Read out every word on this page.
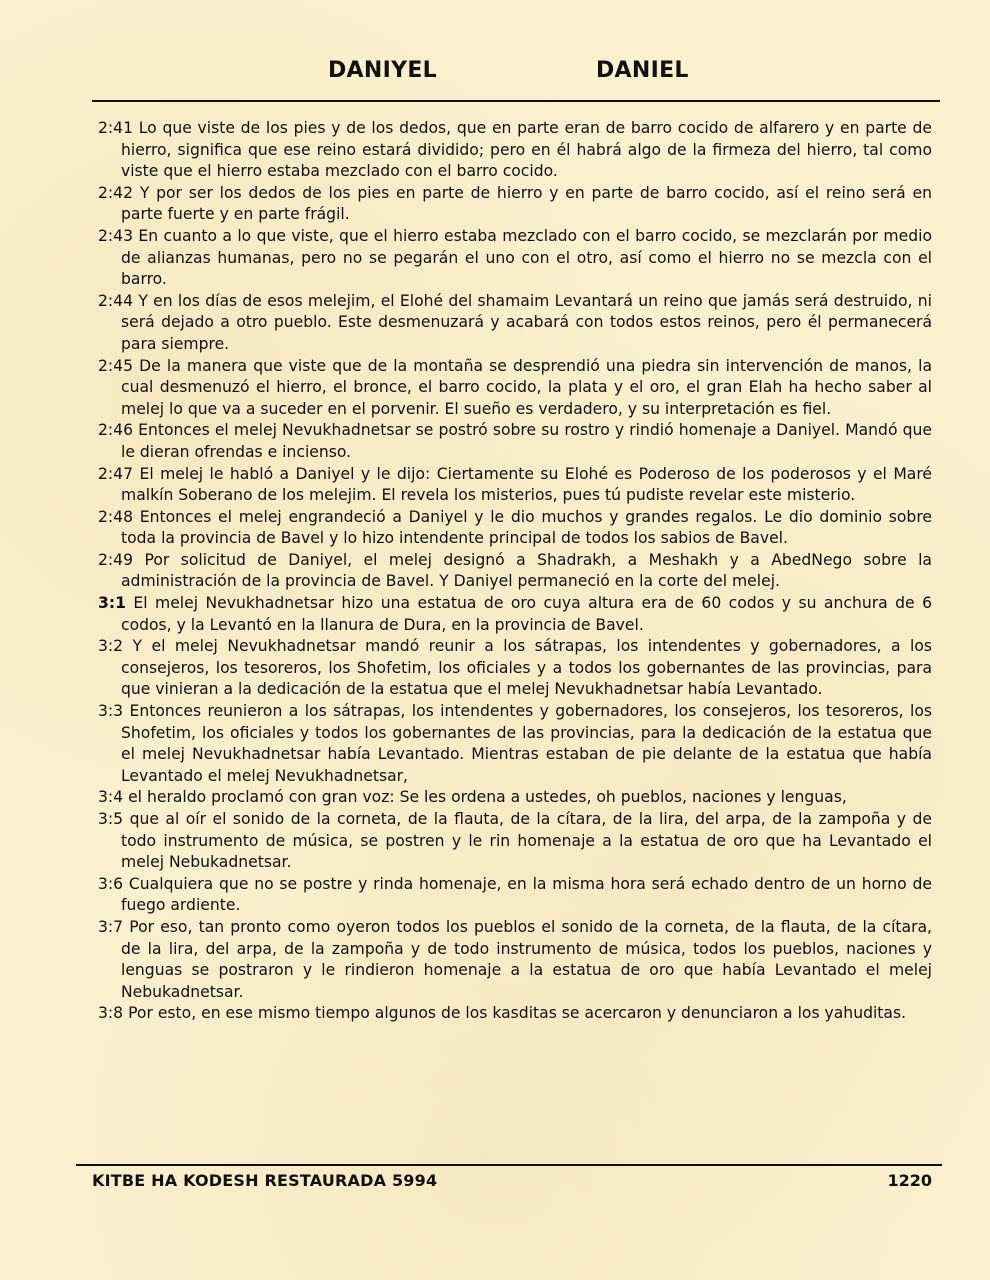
DANIYEL	DANIEL

2:41 Lo que viste de los pies y de los dedos, que en parte eran de barro cocido de alfarero y en parte de hierro, significa que ese reino estará dividido; pero en él habrá algo de la firmeza del hierro, tal como viste que el hierro estaba mezclado con el barro cocido.

2:42 Y por ser los dedos de los pies en parte de hierro y en parte de barro cocido, así el reino será en parte fuerte y en parte frágil.

2:43 En cuanto a lo que viste, que el hierro estaba mezclado con el barro cocido, se mezclarán por medio de alianzas humanas, pero no se pegarán el uno con el otro, así como el hierro no se mezcla con el barro.

2:44 Y en los días de esos melejim, el Elohé del shamaim Levantará un reino que jamás será destruido, ni será dejado a otro pueblo. Este desmenuzará y acabará con todos estos reinos, pero él permanecerá para siempre.

2:45 De la manera que viste que de la montaña se desprendió una piedra sin intervención de manos, la cual desmenuzó el hierro, el bronce, el barro cocido, la plata y el oro, el gran Elah ha hecho saber al melej lo que va a suceder en el porvenir. El sueño es verdadero, y su interpretación es fiel.

2:46 Entonces el melej Nevukhadnetsar se postró sobre su rostro y rindió homenaje a Daniyel. Mandó que le dieran ofrendas e incienso.

2:47 El melej le habló a Daniyel y le dijo: Ciertamente su Elohé es Poderoso de los poderosos y el Maré malkín Soberano de los melejim. El revela los misterios, pues tú pudiste revelar este misterio.

2:48 Entonces el melej engrandeció a Daniyel y le dio muchos y grandes regalos. Le dio dominio sobre toda la provincia de Bavel y lo hizo intendente principal de todos los sabios de Bavel.

2:49 Por solicitud de Daniyel, el melej designó a Shadrakh, a Meshakh y a AbedNego sobre la administración de la provincia de Bavel. Y Daniyel permaneció en la corte del melej.

3:1 El melej Nevukhadnetsar hizo una estatua de oro cuya altura era de 60 codos y su anchura de 6 codos, y la Levantó en la llanura de Dura, en la provincia de Bavel.

3:2 Y el melej Nevukhadnetsar mandó reunir a los sátrapas, los intendentes y gobernadores, a los consejeros, los tesoreros, los Shofetim, los oficiales y a todos los gobernantes de las provincias, para que vinieran a la dedicación de la estatua que el melej Nevukhadnetsar había Levantado.

3:3 Entonces reunieron a los sátrapas, los intendentes y gobernadores, los consejeros, los tesoreros, los Shofetim, los oficiales y todos los gobernantes de las provincias, para la dedicación de la estatua que el melej Nevukhadnetsar había Levantado. Mientras estaban de pie delante de la estatua que había Levantado el melej Nevukhadnetsar,

3:4 el heraldo proclamó con gran voz: Se les ordena a ustedes, oh pueblos, naciones y lenguas,

3:5 que al oír el sonido de la corneta, de la flauta, de la cítara, de la lira, del arpa, de la zampoña y de todo instrumento de música, se postren y le rin homenaje a la estatua de oro que ha Levantado el melej Nebukadnetsar.

3:6 Cualquiera que no se postre y rinda homenaje, en la misma hora será echado dentro de un horno de fuego ardiente.

3:7 Por eso, tan pronto como oyeron todos los pueblos el sonido de la corneta, de la flauta, de la cítara, de la lira, del arpa, de la zampoña y de todo instrumento de música, todos los pueblos, naciones y lenguas se postraron y le rindieron homenaje a la estatua de oro que había Levantado el melej Nebukadnetsar.

3:8 Por esto, en ese mismo tiempo algunos de los kasditas se acercaron y denunciaron a los yahuditas.

KITBE HA KODESH RESTAURADA 5994	1220
